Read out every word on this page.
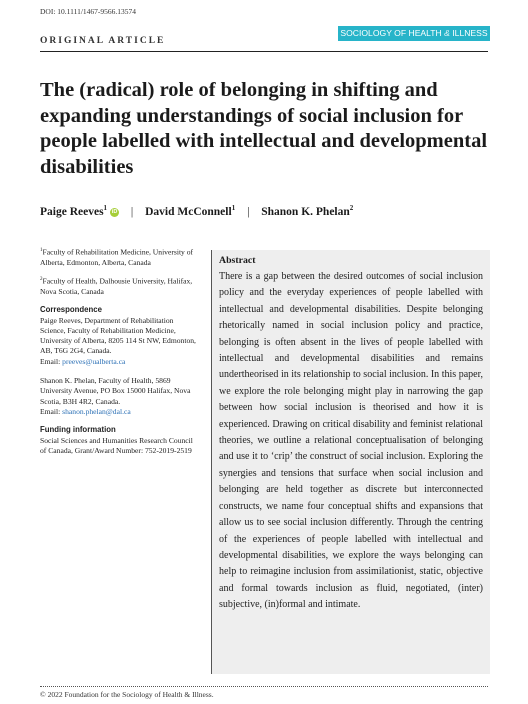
DOI: 10.1111/1467-9566.13574
ORIGINAL ARTICLE
SOCIOLOGY OF HEALTH & ILLNESS
The (radical) role of belonging in shifting and expanding understandings of social inclusion for people labelled with intellectual and developmental disabilities
Paige Reeves$^1$ iD | David McConnell$^1$ | Shanon K. Phelan$^2$

$^1$Faculty of Rehabilitation Medicine, University of Alberta, Edmonton, Alberta, Canada

$^2$Faculty of Health, Dalhousie University, Halifax, Nova Scotia, Canada

Correspondence

Paige Reeves, Department of Rehabilitation Science, Faculty of Rehabilitation Medicine, University of Alberta, 8205 114 St NW, Edmonton, AB, T6G 2G4, Canada.
Email: preeves@ualberta.ca

Shanon K. Phelan, Faculty of Health, 5869 University Avenue, PO Box 15000 Halifax, Nova Scotia, B3H 4R2, Canada.
Email: shanon.phelan@dal.ca

Funding information

Social Sciences and Humanities Research Council of Canada, Grant/Award Number: 752-2019-2519

Abstract

There is a gap between the desired outcomes of social inclusion policy and the everyday experiences of people labelled with intellectual and developmental disabilities. Despite belonging rhetorically named in social inclusion policy and practice, belonging is often absent in the lives of people labelled with intellectual and developmental disabilities and remains undertheorised in its relationship to social inclusion. In this paper, we explore the role belonging might play in narrowing the gap between how social inclusion is theorised and how it is experienced. Drawing on critical disability and feminist relational theories, we outline a relational conceptualisation of belonging and use it to ‘crip’ the construct of social inclusion. Exploring the synergies and tensions that surface when social inclusion and belonging are held together as discrete but interconnected constructs, we name four conceptual shifts and expansions that allow us to see social inclusion differently. Through the centring of the experiences of people labelled with intellectual and developmental disabilities, we explore the ways belonging can help to reimagine inclusion from assimilationist, static, objective and formal towards inclusion as fluid, negotiated, (inter) subjective, (in)formal and intimate.

© 2022 Foundation for the Sociology of Health & Illness.
